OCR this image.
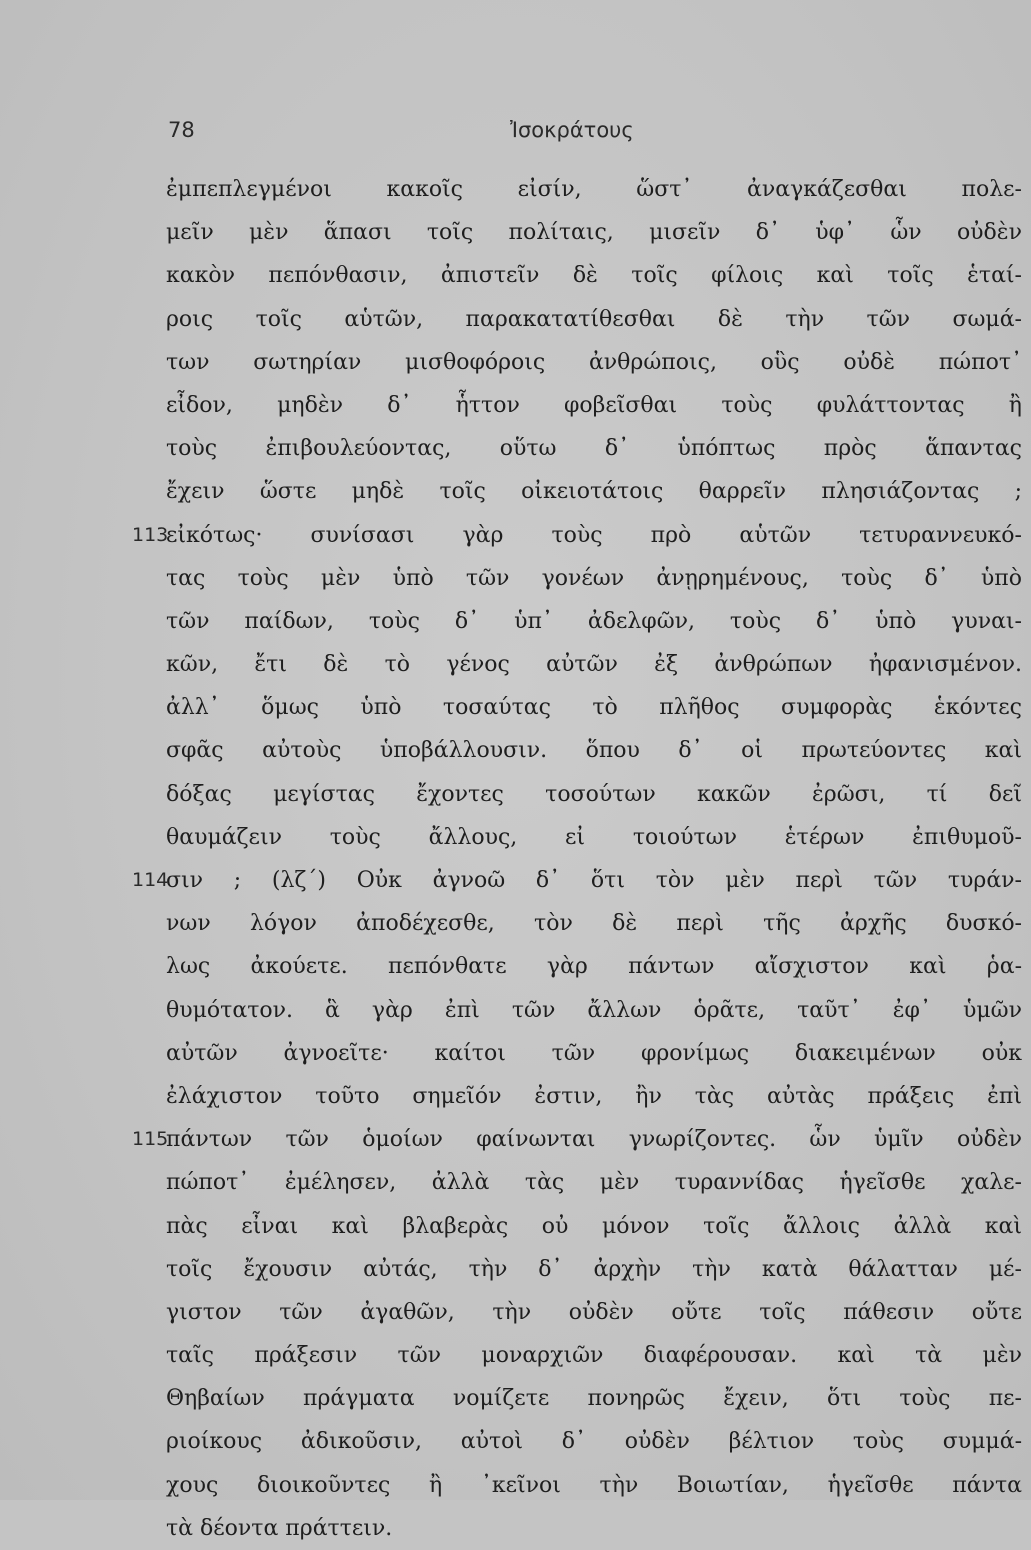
78	Ἰσοκράτους
ἐμπεπλεγμένοι κακοῖς εἰσίν, ὥστ᾽ ἀναγκάζεσθαι πολε-
μεῖν μὲν ἅπασι τοῖς πολίταις, μισεῖν δ᾽ ὑφ᾽ ὧν οὐδὲν
κακὸν πεπόνθασιν, ἀπιστεῖν δὲ τοῖς φίλοις καὶ τοῖς ἑταί-
ροις τοῖς αὑτῶν, παρακατατίθεσθαι δὲ τὴν τῶν σωμά-
των σωτηρίαν μισθοφόροις ἀνθρώποις, οὓς οὐδὲ πώποτ᾽
εἶδον, μηδὲν δ᾽ ἧττον φοβεῖσθαι τοὺς φυλάττοντας ἢ
τοὺς ἐπιβουλεύοντας, οὕτω δ᾽ ὑπόπτως πρὸς ἅπαντας
ἔχειν ὥστε μηδὲ τοῖς οἰκειοτάτοις θαρρεῖν πλησιάζοντας ;
113
εἰκότως· συνίσασι γὰρ τοὺς πρὸ αὑτῶν τετυραννευκό-
τας τοὺς μὲν ὑπὸ τῶν γονέων ἀνῃρημένους, τοὺς δ᾽ ὑπὸ
τῶν παίδων, τοὺς δ᾽ ὑπ᾽ ἀδελφῶν, τοὺς δ᾽ ὑπὸ γυναι-
κῶν, ἔτι δὲ τὸ γένος αὐτῶν ἐξ ἀνθρώπων ἠφανισμένον.
ἀλλ᾽ ὅμως ὑπὸ τοσαύτας τὸ πλῆθος συμφορὰς ἑκόντες
σφᾶς αὐτοὺς ὑποβάλλουσιν. ὅπου δ᾽ οἱ πρωτεύοντες καὶ
δόξας μεγίστας ἔχοντες τοσούτων κακῶν ἐρῶσι, τί δεῖ
θαυμάζειν τοὺς ἄλλους, εἰ τοιούτων ἑτέρων ἐπιθυμοῦ-
114
σιν ; (λζ΄) Οὐκ ἀγνοῶ δ᾽ ὅτι τὸν μὲν περὶ τῶν τυράν-
νων λόγον ἀποδέχεσθε, τὸν δὲ περὶ τῆς ἀρχῆς δυσκό-
λως ἀκούετε. πεπόνθατε γὰρ πάντων αἴσχιστον καὶ ῥα-
θυμότατον. ἃ γὰρ ἐπὶ τῶν ἄλλων ὁρᾶτε, ταῦτ᾽ ἐφ᾽ ὑμῶν
αὐτῶν ἀγνοεῖτε· καίτοι τῶν φρονίμως διακειμένων οὐκ
ἐλάχιστον τοῦτο σημεῖόν ἐστιν, ἢν τὰς αὐτὰς πράξεις ἐπὶ
115
πάντων τῶν ὁμοίων φαίνωνται γνωρίζοντες. ὧν ὑμῖν οὐδὲν
πώποτ᾽ ἐμέλησεν, ἀλλὰ τὰς μὲν τυραννίδας ἡγεῖσθε χαλε-
πὰς εἶναι καὶ βλαβερὰς οὐ μόνον τοῖς ἄλλοις ἀλλὰ καὶ
τοῖς ἔχουσιν αὐτάς, τὴν δ᾽ ἀρχὴν τὴν κατὰ θάλατταν μέ-
γιστον τῶν ἀγαθῶν, τὴν οὐδὲν οὔτε τοῖς πάθεσιν οὔτε
ταῖς πράξεσιν τῶν μοναρχιῶν διαφέρουσαν. καὶ τὰ μὲν
Θηβαίων πράγματα νομίζετε πονηρῶς ἔχειν, ὅτι τοὺς πε-
ριοίκους ἀδικοῦσιν, αὐτοὶ δ᾽ οὐδὲν βέλτιον τοὺς συμμά-
χους διοικοῦντες ἢ ᾽κεῖνοι τὴν Βοιωτίαν, ἡγεῖσθε πάντα
τὰ δέοντα πράττειν.
